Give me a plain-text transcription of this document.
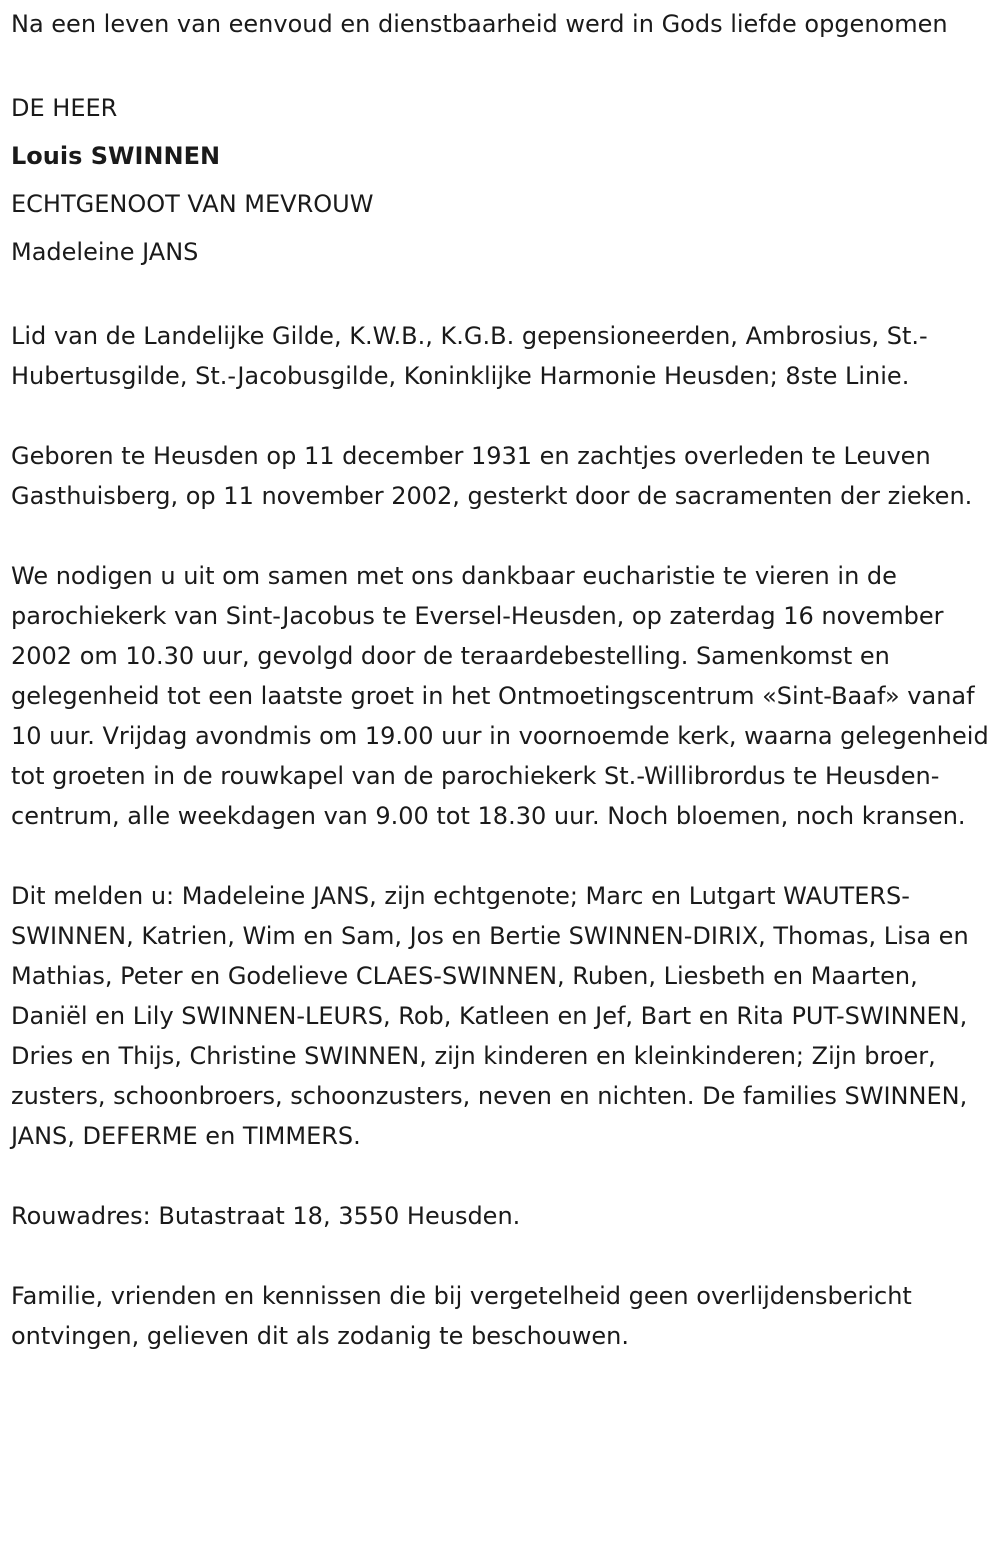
Na een leven van eenvoud en dienstbaarheid werd in Gods liefde opgenomen

DE HEER

Louis SWINNEN

ECHTGENOOT VAN MEVROUW

Madeleine JANS

Lid van de Landelijke Gilde, K.W.B., K.G.B. gepensioneerden, Ambrosius, St.-Hubertusgilde, St.-Jacobusgilde, Koninklijke Harmonie Heusden; 8ste Linie.

Geboren te Heusden op 11 december 1931 en zachtjes overleden te Leuven Gasthuisberg, op 11 november 2002, gesterkt door de sacramenten der zieken.

We nodigen u uit om samen met ons dankbaar eucharistie te vieren in de parochiekerk van Sint-Jacobus te Eversel-Heusden, op zaterdag 16 november 2002 om 10.30 uur, gevolgd door de teraardebestelling. Samenkomst en gelegenheid tot een laatste groet in het Ontmoetingscentrum «Sint-Baaf» vanaf 10 uur. Vrijdag avondmis om 19.00 uur in voornoemde kerk, waarna gelegenheid tot groeten in de rouwkapel van de parochiekerk St.-Willibrordus te Heusden-centrum, alle weekdagen van 9.00 tot 18.30 uur. Noch bloemen, noch kransen.

Dit melden u: Madeleine JANS, zijn echtgenote; Marc en Lutgart WAUTERS-SWINNEN, Katrien, Wim en Sam, Jos en Bertie SWINNEN-DIRIX, Thomas, Lisa en Mathias, Peter en Godelieve CLAES-SWINNEN, Ruben, Liesbeth en Maarten, Daniël en Lily SWINNEN-LEURS, Rob, Katleen en Jef, Bart en Rita PUT-SWINNEN, Dries en Thijs, Christine SWINNEN, zijn kinderen en kleinkinderen; Zijn broer, zusters, schoonbroers, schoonzusters, neven en nichten. De families SWINNEN, JANS, DEFERME en TIMMERS.

Rouwadres: Butastraat 18, 3550 Heusden.

Familie, vrienden en kennissen die bij vergetelheid geen overlijdensbericht ontvingen, gelieven dit als zodanig te beschouwen.
